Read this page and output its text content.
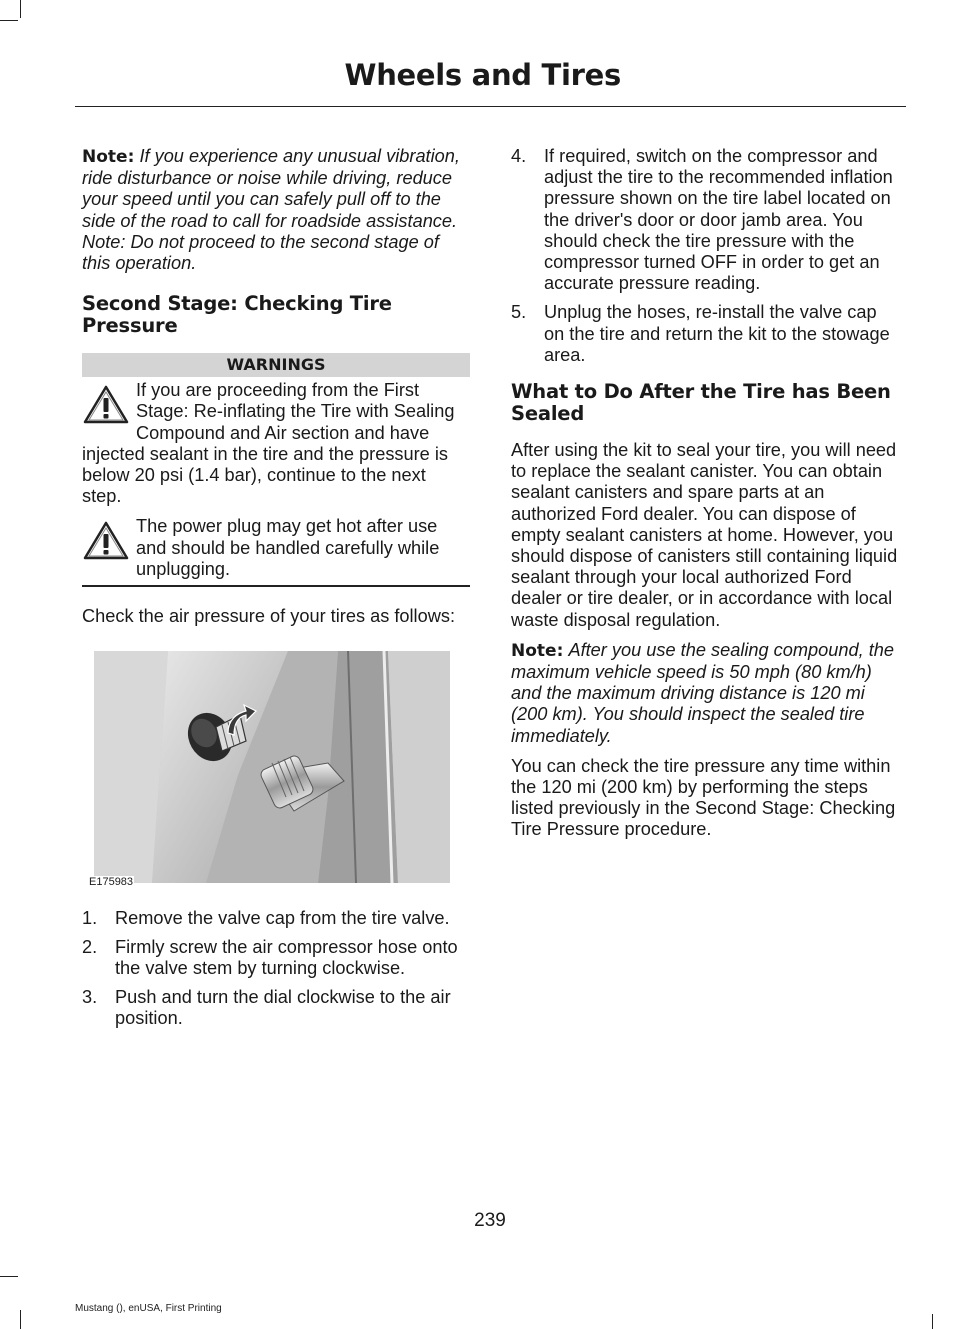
Wheels and Tires

Note: If you experience any unusual vibration, ride disturbance or noise while driving, reduce your speed until you can safely pull off to the side of the road to call for roadside assistance. Note: Do not proceed to the second stage of this operation.

Second Stage: Checking Tire Pressure
WARNINGS

If you are proceeding from the First Stage: Re-inflating the Tire with Sealing Compound and Air section and have injected sealant in the tire and the pressure is below 20 psi (1.4 bar), continue to the next step.

The power plug may get hot after use and should be handled carefully while unplugging.

Check the air pressure of your tires as follows:

E175983
1. Remove the valve cap from the tire valve.
2. Firmly screw the air compressor hose onto the valve stem by turning clockwise.
3. Push and turn the dial clockwise to the air position.
4. If required, switch on the compressor and adjust the tire to the recommended inflation pressure shown on the tire label located on the driver's door or door jamb area. You should check the tire pressure with the compressor turned OFF in order to get an accurate pressure reading.
5. Unplug the hoses, re-install the valve cap on the tire and return the kit to the stowage area.
What to Do After the Tire has Been Sealed

After using the kit to seal your tire, you will need to replace the sealant canister. You can obtain sealant canisters and spare parts at an authorized Ford dealer. You can dispose of empty sealant canisters at home. However, you should dispose of canisters still containing liquid sealant through your local authorized Ford dealer or tire dealer, or in accordance with local waste disposal regulation.

Note: After you use the sealing compound, the maximum vehicle speed is 50 mph (80 km/h) and the maximum driving distance is 120 mi (200 km). You should inspect the sealed tire immediately.

You can check the tire pressure any time within the 120 mi (200 km) by performing the steps listed previously in the Second Stage: Checking Tire Pressure procedure.

239
Mustang (), enUSA, First Printing
